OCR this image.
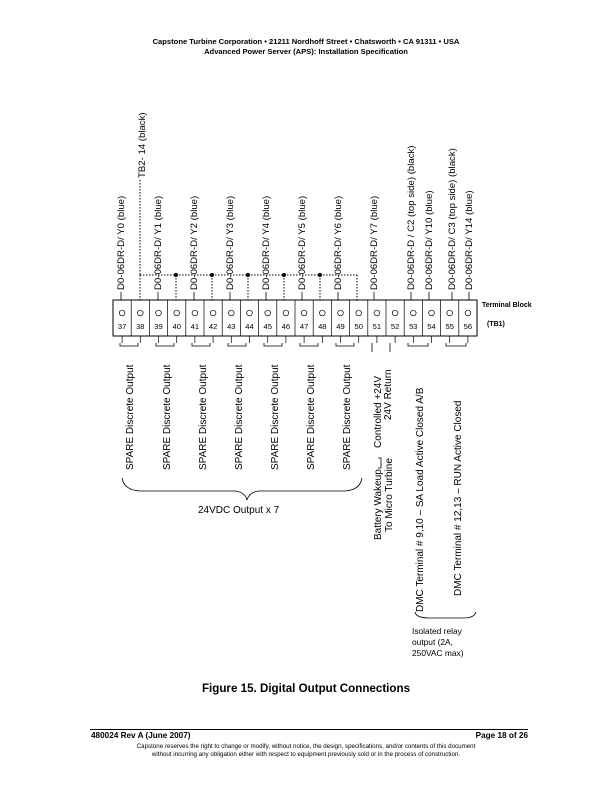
Capstone Turbine Corporation • 21211 Nordhoff Street • Chatsworth • CA 91311 • USA
Advanced Power Server (APS): Installation Specification
D0-06DR-D/ Y0 (blue)
TB2- 14 (black)
D0-06DR-D/ Y1 (blue)	D0-06DR-D/ Y2 (blue)	D0-06DR-D/ Y3 (blue)	D0-06DR-D/ Y4 (blue)	D0-06DR-D/ Y5 (blue)	D0-06DR-D/ Y6 (blue)	D0-06DR-D/ Y7 (blue)	D0-06DR-D / C2 (top side) (black) D0-06DR-D/ Y10 (blue) D0-06DR-D/ C3 (top side) (black) D0-06DR-D/ Y14 (blue)
37 38 39 40 41 42 43 44 45 46 47 48 49 50 51 52 53 54 55 56
Terminal Block
(TB1)
SPARE Discrete Output	SPARE Discrete Output	SPARE Discrete Output	SPARE Discrete Output	SPARE Discrete Output	SPARE Discrete Output	SPARE Discrete Output Controlled +24V 24V Return
Battery Wakeup To Micro Turbine DMC Terminal # 9,10 – SA Load Active Closed A/B	DMC Terminal # 12,13 – RUN Active Closed
24VDC Output x 7
Isolated relay
output (2A,
250VAC max)
Figure 15. Digital Output Connections
480024 Rev A (June 2007)	Page 18 of 26
Capstone reserves the right to change or modify, without notice, the design, specifications, and/or contents of this document
without incurring any obligation either with respect to equipment previously sold or in the process of construction.
